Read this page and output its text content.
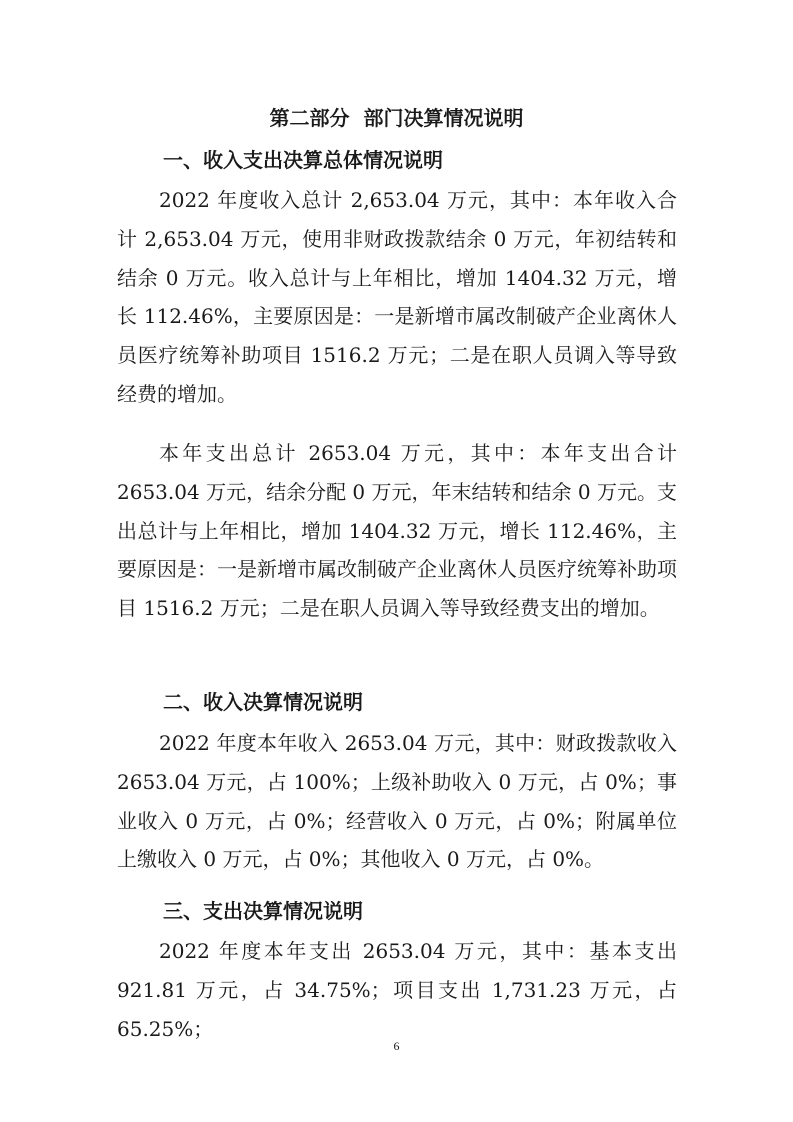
第二部分  部门决算情况说明
一、收入支出决算总体情况说明

2022 年度收入总计 2,653.04 万元，其中：本年收入合计 2,653.04 万元，使用非财政拨款结余 0 万元，年初结转和结余 0 万元。收入总计与上年相比，增加 1404.32 万元，增长 112.46%，主要原因是：一是新增市属改制破产企业离休人员医疗统筹补助项目 1516.2 万元；二是在职人员调入等导致经费的增加。

本年支出总计 2653.04 万元，其中：本年支出合计 2653.04 万元，结余分配 0 万元，年末结转和结余 0 万元。支出总计与上年相比，增加 1404.32 万元，增长 112.46%，主要原因是：一是新增市属改制破产企业离休人员医疗统筹补助项目 1516.2 万元；二是在职人员调入等导致经费支出的增加。

二、收入决算情况说明

2022 年度本年收入 2653.04 万元，其中：财政拨款收入 2653.04 万元，占 100%；上级补助收入 0 万元，占 0%；事业收入 0 万元，占 0%；经营收入 0 万元，占 0%；附属单位上缴收入 0 万元，占 0%；其他收入 0 万元，占 0%。

三、支出决算情况说明

2022 年度本年支出 2653.04 万元，其中：基本支出 921.81 万元，占 34.75%；项目支出 1,731.23 万元，占 65.25%；

6
